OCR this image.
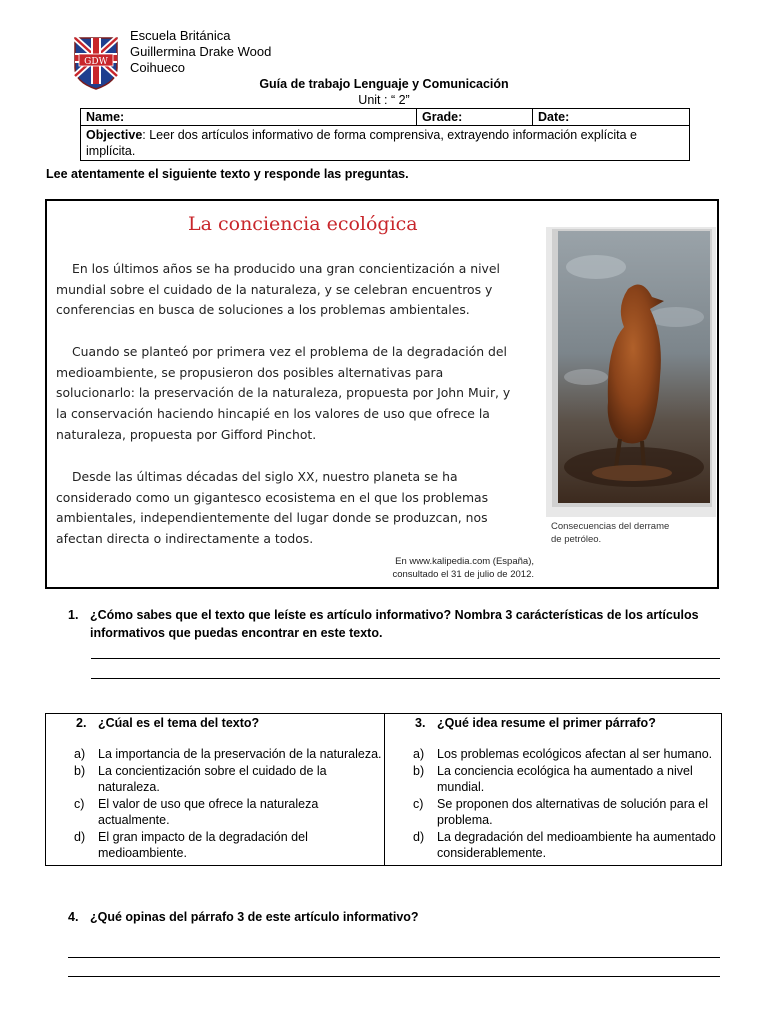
GDW
Escuela Británica
Guillermina Drake Wood
Coihueco
Guía de trabajo Lenguaje y Comunicación
Unit : “ 2”
Name:	Grade:	Date:
Objective: Leer dos artículos informativo de forma comprensiva, extrayendo información explícita e implícita.
Lee atentamente el siguiente texto y responde las preguntas.
La conciencia ecológica
En los últimos años se ha producido una gran concientización a nivel mundial sobre el cuidado de la naturaleza, y se celebran encuentros y conferencias en busca de soluciones a los problemas ambientales.
Cuando se planteó por primera vez el problema de la degradación del medioambiente, se propusieron dos posibles alternativas para solucionarlo: la preservación de la naturaleza, propuesta por John Muir, y la conservación haciendo hincapié en los valores de uso que ofrece la naturaleza, propuesta por Gifford Pinchot.
Desde las últimas décadas del siglo XX, nuestro planeta se ha considerado como un gigantesco ecosistema en el que los problemas ambientales, independientemente del lugar donde se produzcan, nos afectan directa o indirectamente a todos.
En www.kalipedia.com (España),
consultado el 31 de julio de 2012.
Consecuencias del derrame
de petróleo.
1. ¿Cómo sabes que el texto que leíste es artículo informativo? Nombra 3 carácterísticas de los artículos informativos que puedas encontrar en este texto.
2. ¿Cúal es el tema del texto?
a) La importancia de la preservación de la naturaleza.
b) La concientización sobre el cuidado de la naturaleza.
c) El valor de uso que ofrece la naturaleza actualmente.
d) El gran impacto de la degradación del medioambiente.

3. ¿Qué idea resume el primer párrafo?
a) Los problemas ecológicos afectan al ser humano.
b) La conciencia ecológica ha aumentado a nivel mundial.
c) Se proponen dos alternativas de solución para el problema.
d) La degradación del medioambiente ha aumentado considerablemente.
4. ¿Qué opinas del párrafo 3 de este artículo informativo?
